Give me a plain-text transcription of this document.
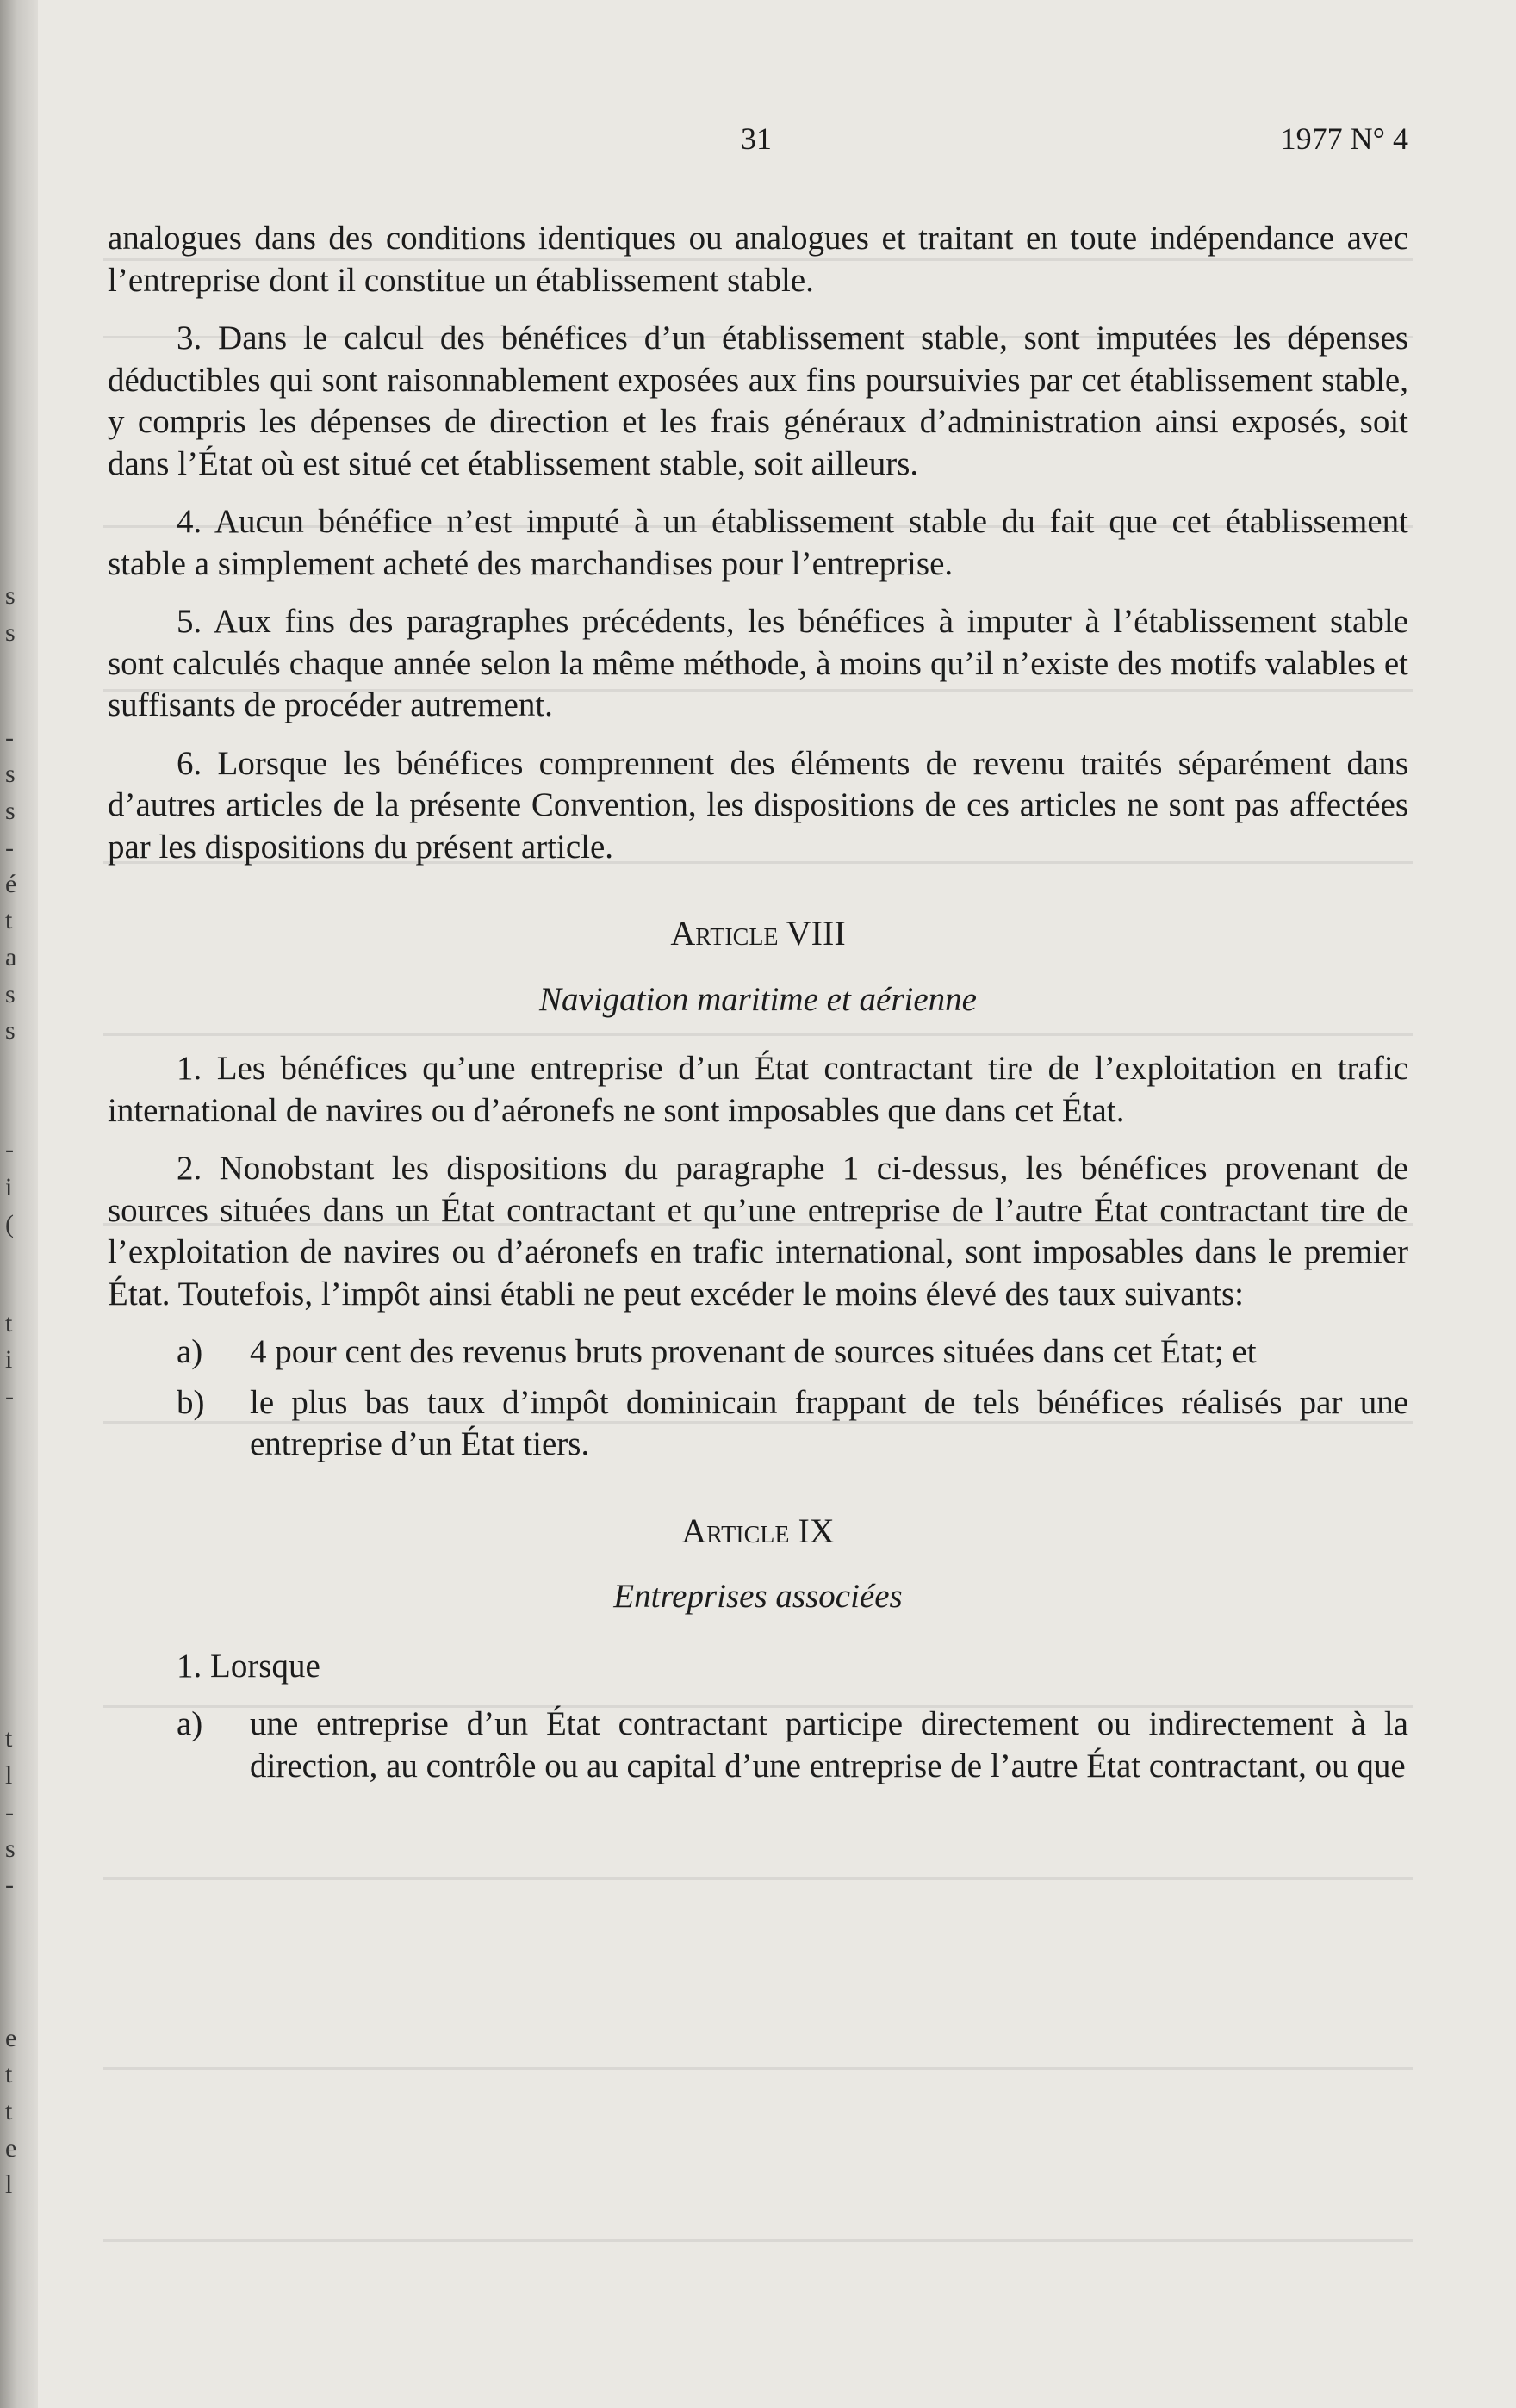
s
s
-
s
s
-
é
t
a
s
s
-
i
(
t
i
-
t
l
-
s
-
e
t
t
e
l
31	1977 N° 4

analogues dans des conditions identiques ou analogues et traitant en toute indépendance avec l’entreprise dont il constitue un établissement stable.

3. Dans le calcul des bénéfices d’un établissement stable, sont imputées les dépenses déductibles qui sont raisonnablement exposées aux fins poursuivies par cet établissement stable, y compris les dépenses de direction et les frais généraux d’administration ainsi exposés, soit dans l’État où est situé cet établissement stable, soit ailleurs.

4. Aucun bénéfice n’est imputé à un établissement stable du fait que cet établissement stable a simplement acheté des marchandises pour l’entreprise.

5. Aux fins des paragraphes précédents, les bénéfices à imputer à l’établissement stable sont calculés chaque année selon la même méthode, à moins qu’il n’existe des motifs valables et suffisants de procéder autrement.

6. Lorsque les bénéfices comprennent des éléments de revenu traités séparément dans d’autres articles de la présente Convention, les dispositions de ces articles ne sont pas affectées par les dispositions du présent article.

Article VIII
Navigation maritime et aérienne

1. Les bénéfices qu’une entreprise d’un État contractant tire de l’exploitation en trafic international de navires ou d’aéronefs ne sont imposables que dans cet État.

2. Nonobstant les dispositions du paragraphe 1 ci-dessus, les bénéfices provenant de sources situées dans un État contractant et qu’une entreprise de l’autre État contractant tire de l’exploitation de navires ou d’aéronefs en trafic international, sont imposables dans le premier État. Toutefois, l’impôt ainsi établi ne peut excéder le moins élevé des taux suivants:

a) 4 pour cent des revenus bruts provenant de sources situées dans cet État; et
b) le plus bas taux d’impôt dominicain frappant de tels bénéfices réalisés par une entreprise d’un État tiers.
Article IX
Entreprises associées

1. Lorsque

a) une entreprise d’un État contractant participe directement ou indirectement à la direction, au contrôle ou au capital d’une entreprise de l’autre État contractant, ou que
